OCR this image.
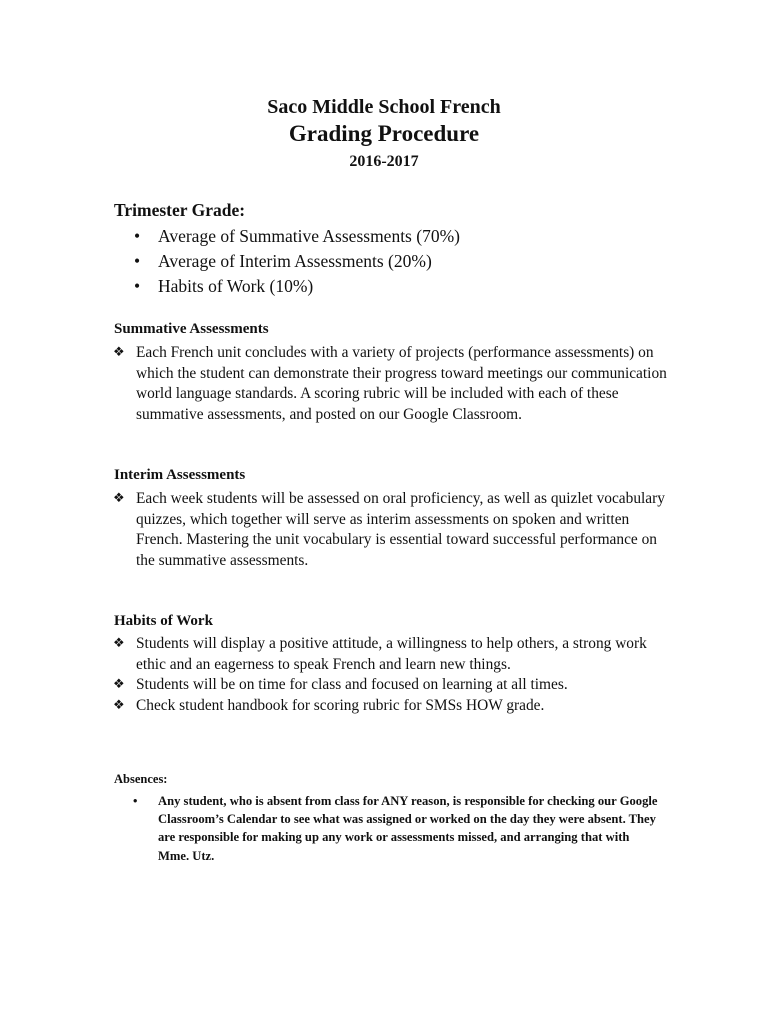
Saco Middle School French
Grading Procedure
2016-2017
Trimester Grade:
• Average of Summative Assessments (70%)
• Average of Interim Assessments (20%)
• Habits of Work (10%)
Summative Assessments
❖ Each French unit concludes with a variety of projects (performance assessments) on which the student can demonstrate their progress toward meetings our communication world language standards. A scoring rubric will be included with each of these summative assessments, and posted on our Google Classroom.
Interim Assessments
❖ Each week students will be assessed on oral proficiency, as well as quizlet vocabulary quizzes, which together will serve as interim assessments on spoken and written French. Mastering the unit vocabulary is essential toward successful performance on the summative assessments.
Habits of Work
❖ Students will display a positive attitude, a willingness to help others, a strong work ethic and an eagerness to speak French and learn new things.
❖ Students will be on time for class and focused on learning at all times.
❖ Check student handbook for scoring rubric for SMSs HOW grade.
Absences:
• Any student, who is absent from class for ANY reason, is responsible for checking our Google Classroom’s Calendar to see what was assigned or worked on the day they were absent. They are responsible for making up any work or assessments missed, and arranging that with Mme. Utz.
